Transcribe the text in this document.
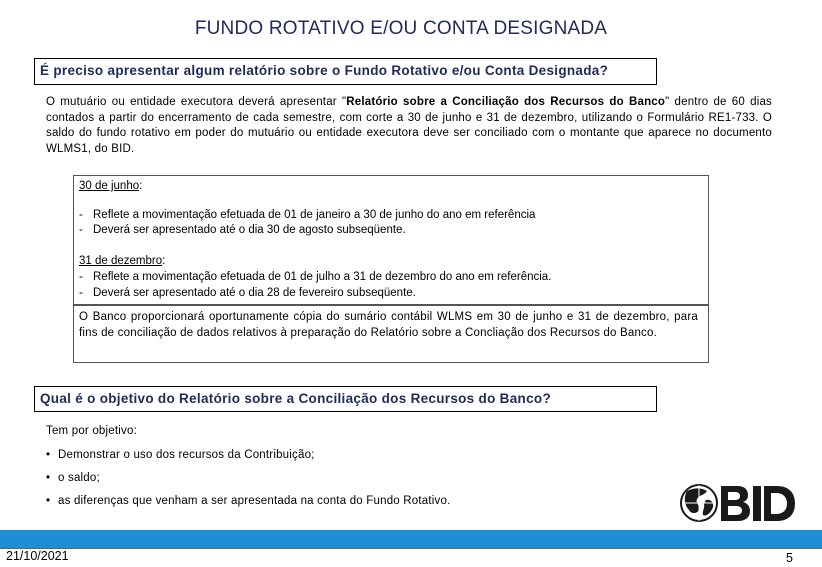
FUNDO ROTATIVO E/OU CONTA DESIGNADA
É preciso apresentar algum relatório sobre o Fundo Rotativo e/ou Conta Designada?
O mutuário ou entidade executora deverá apresentar "Relatório sobre a Conciliação dos Recursos do Banco" dentro de 60 dias contados a partir do encerramento de cada semestre, com corte a 30 de junho e 31 de dezembro, utilizando o Formulário RE1-733. O saldo do fundo rotativo em poder do mutuário ou entidade executora deve ser conciliado com o montante que aparece no documento WLMS1, do BID.
30 de junho:
- Reflete a movimentação efetuada de 01 de janeiro a 30 de junho do ano em referência
- Deverá ser apresentado até o dia 30 de agosto subseqüente.
31 de dezembro:
- Reflete a movimentação efetuada de 01 de julho a 31 de dezembro do ano em referência.
- Deverá ser apresentado até o dia 28 de fevereiro subseqüente.
O Banco proporcionará oportunamente cópia do sumário contábil WLMS em 30 de junho e 31 de dezembro, para fins de conciliação de dados relativos à preparação do Relatório sobre a Concliação dos Recursos do Banco.
Qual é o objetivo do Relatório sobre a Conciliação dos Recursos do Banco?
Tem por objetivo:
• Demonstrar o uso dos recursos da Contribuição;
• o saldo;
• as diferenças que venham a ser apresentada na conta do Fundo Rotativo.
21/10/2021	5
